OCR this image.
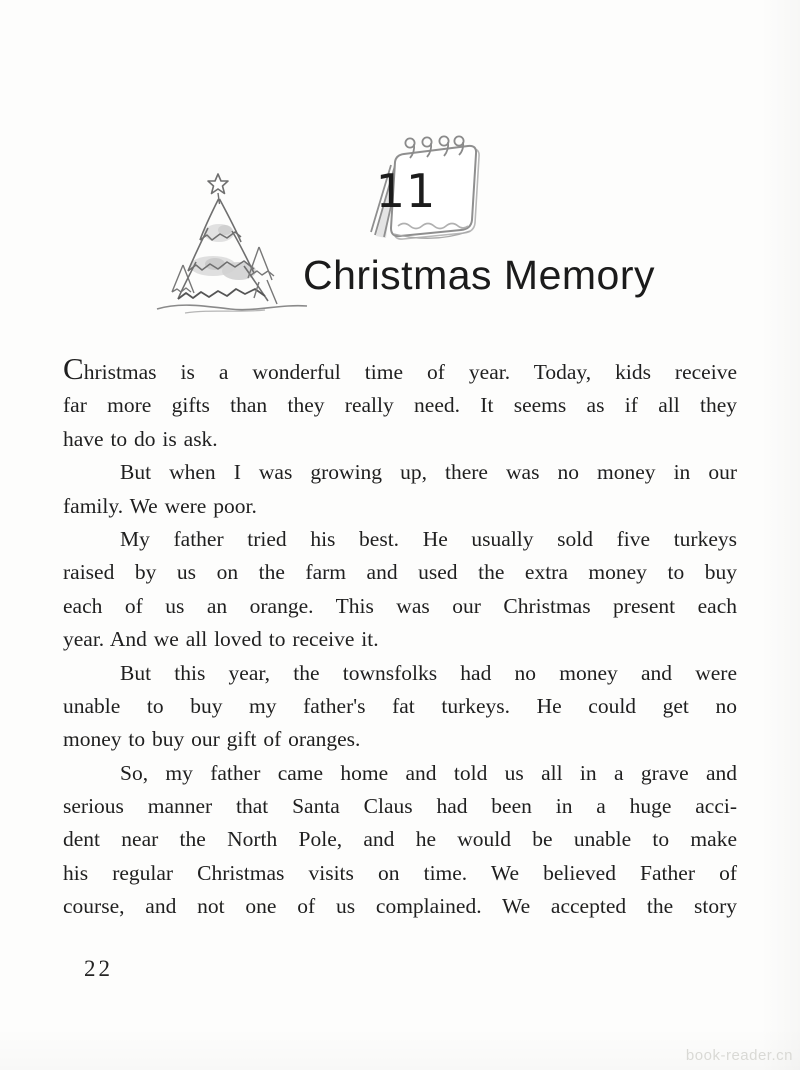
11
Christmas Memory
Christmas is a wonderful time of year. Today, kids receive
far more gifts than they really need. It seems as if all they
have to do is ask.
But when I was growing up, there was no money in our
family. We were poor.
My father tried his best. He usually sold five turkeys
raised by us on the farm and used the extra money to buy
each of us an orange. This was our Christmas present each
year. And we all loved to receive it.
But this year, the townsfolks had no money and were
unable to buy my father's fat turkeys. He could get no
money to buy our gift of oranges.
So, my father came home and told us all in a grave and
serious manner that Santa Claus had been in a huge acci-
dent near the North Pole, and he would be unable to make
his regular Christmas visits on time. We believed Father of
course, and not one of us complained. We accepted the story
22
book-reader.cn
